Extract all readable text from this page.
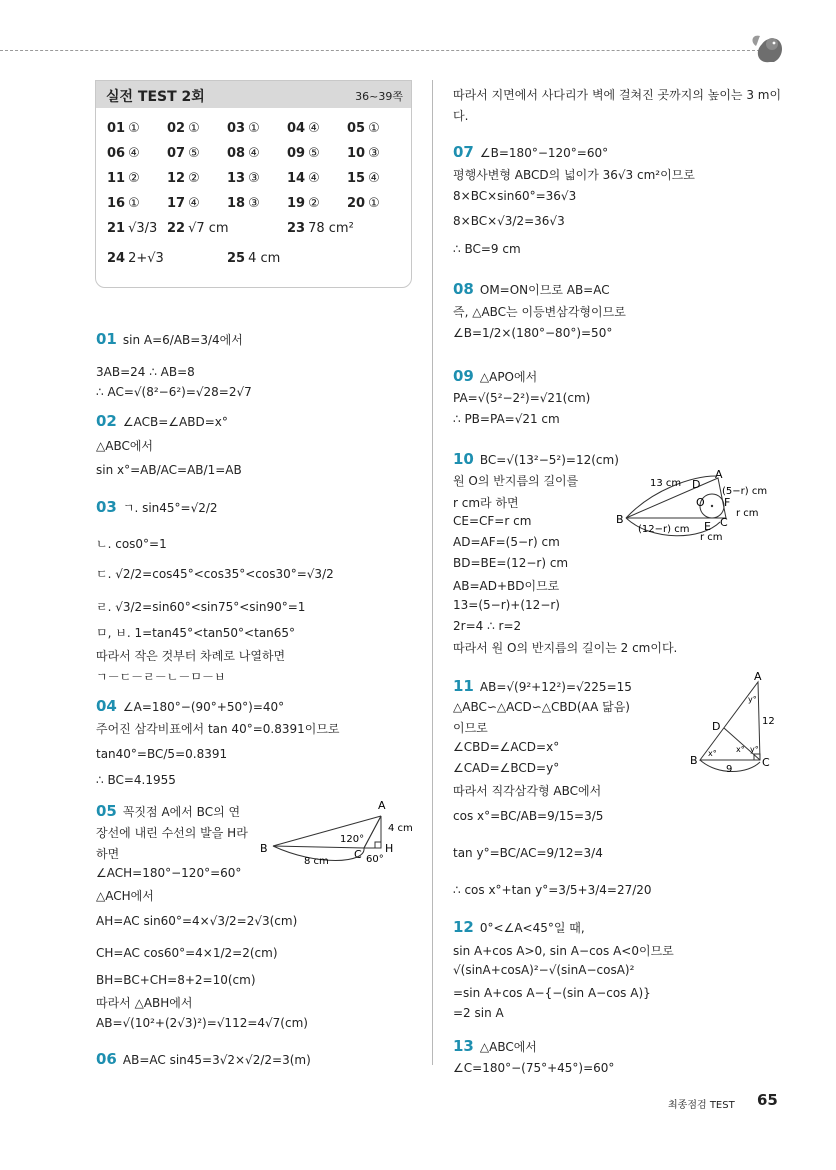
실전 TEST 2회	36~39쪽
01 ① 02 ① 03 ① 04 ④ 05 ①
06 ④ 07 ⑤ 08 ④ 09 ⑤ 10 ③
11 ② 12 ② 13 ③ 14 ④ 15 ④
16 ① 17 ④ 18 ③ 19 ② 20 ①
21 √3/3 22 √7 cm	23 78 cm²
24 2+√3	25 4 cm
01 sin A=6/AB=3/4에서
3AB=24 ∴ AB=8
∴ AC=√(8²−6²)=√28=2√7
02 ∠ACB=∠ABD=x°
△ABC에서
sin x°=AB/AC=AB/1=AB
03 ㄱ. sin45°=√2/2
ㄴ. cos0°=1
ㄷ. √2/2=cos45°<cos35°<cos30°=√3/2
ㄹ. √3/2=sin60°<sin75°<sin90°=1
ㅁ, ㅂ. 1=tan45°<tan50°<tan65°
따라서 작은 것부터 차례로 나열하면
ㄱ－ㄷ－ㄹ－ㄴ－ㅁ－ㅂ
04 ∠A=180°−(90°+50°)=40°
주어진 삼각비표에서 tan 40°=0.8391이므로
tan40°=BC/5=0.8391
∴ BC=4.1955
05 꼭짓점 A에서 BC의 연
장선에 내린 수선의 발을 H라
하면
∠ACH=180°−120°=60°
△ACH에서
AH=AC sin60°=4×√3/2=2√3(cm)
CH=AC cos60°=4×1/2=2(cm)
BH=BC+CH=8+2=10(cm)
따라서 △ABH에서
AB=√(10²+(2√3)²)=√112=4√7(cm)
06 AB=AC sin45=3√2×√2/2=3(m)
따라서 지면에서 사다리가 벽에 걸쳐진 곳까지의 높이는 3 m이
다.
07 ∠B=180°−120°=60°
평행사변형 ABCD의 넓이가 36√3 cm²이므로
8×BC×sin60°=36√3
8×BC×√3/2=36√3
∴ BC=9 cm
08 OM=ON이므로 AB=AC
즉, △ABC는 이등변삼각형이므로
∠B=1/2×(180°−80°)=50°
09 △APO에서
PA=√(5²−2²)=√21(cm)
∴ PB=PA=√21 cm
10 BC=√(13²−5²)=12(cm)
원 O의 반지름의 길이를
r cm라 하면
CE=CF=r cm
AD=AF=(5−r) cm
BD=BE=(12−r) cm
AB=AD+BD이므로
13=(5−r)+(12−r)
2r=4 ∴ r=2
따라서 원 O의 반지름의 길이는 2 cm이다.
11 AB=√(9²+12²)=√225=15
△ABC∽△ACD∽△CBD(AA 닮음)
이므로
∠CBD=∠ACD=x°
∠CAD=∠BCD=y°
따라서 직각삼각형 ABC에서
cos x°=BC/AB=9/15=3/5
tan y°=BC/AC=9/12=3/4
∴ cos x°+tan y°=3/5+3/4=27/20
12 0°<∠A<45°일 때,
sin A+cos A>0, sin A−cos A<0이므로
√(sinA+cosA)²−√(sinA−cosA)²
=sin A+cos A−{−(sin A−cos A)}
=2 sin A
13 △ABC에서
∠C=180°−(75°+45°)=60°
A
B	C H
4 cm
8 cm
120°
60°
A
B	C
D
E
F
O
13 cm
(5−r) cm
r cm
(12−r) cm
r cm
A
B	C
D	12
9
x°
y°
x° y°
최종점검 TEST 65
